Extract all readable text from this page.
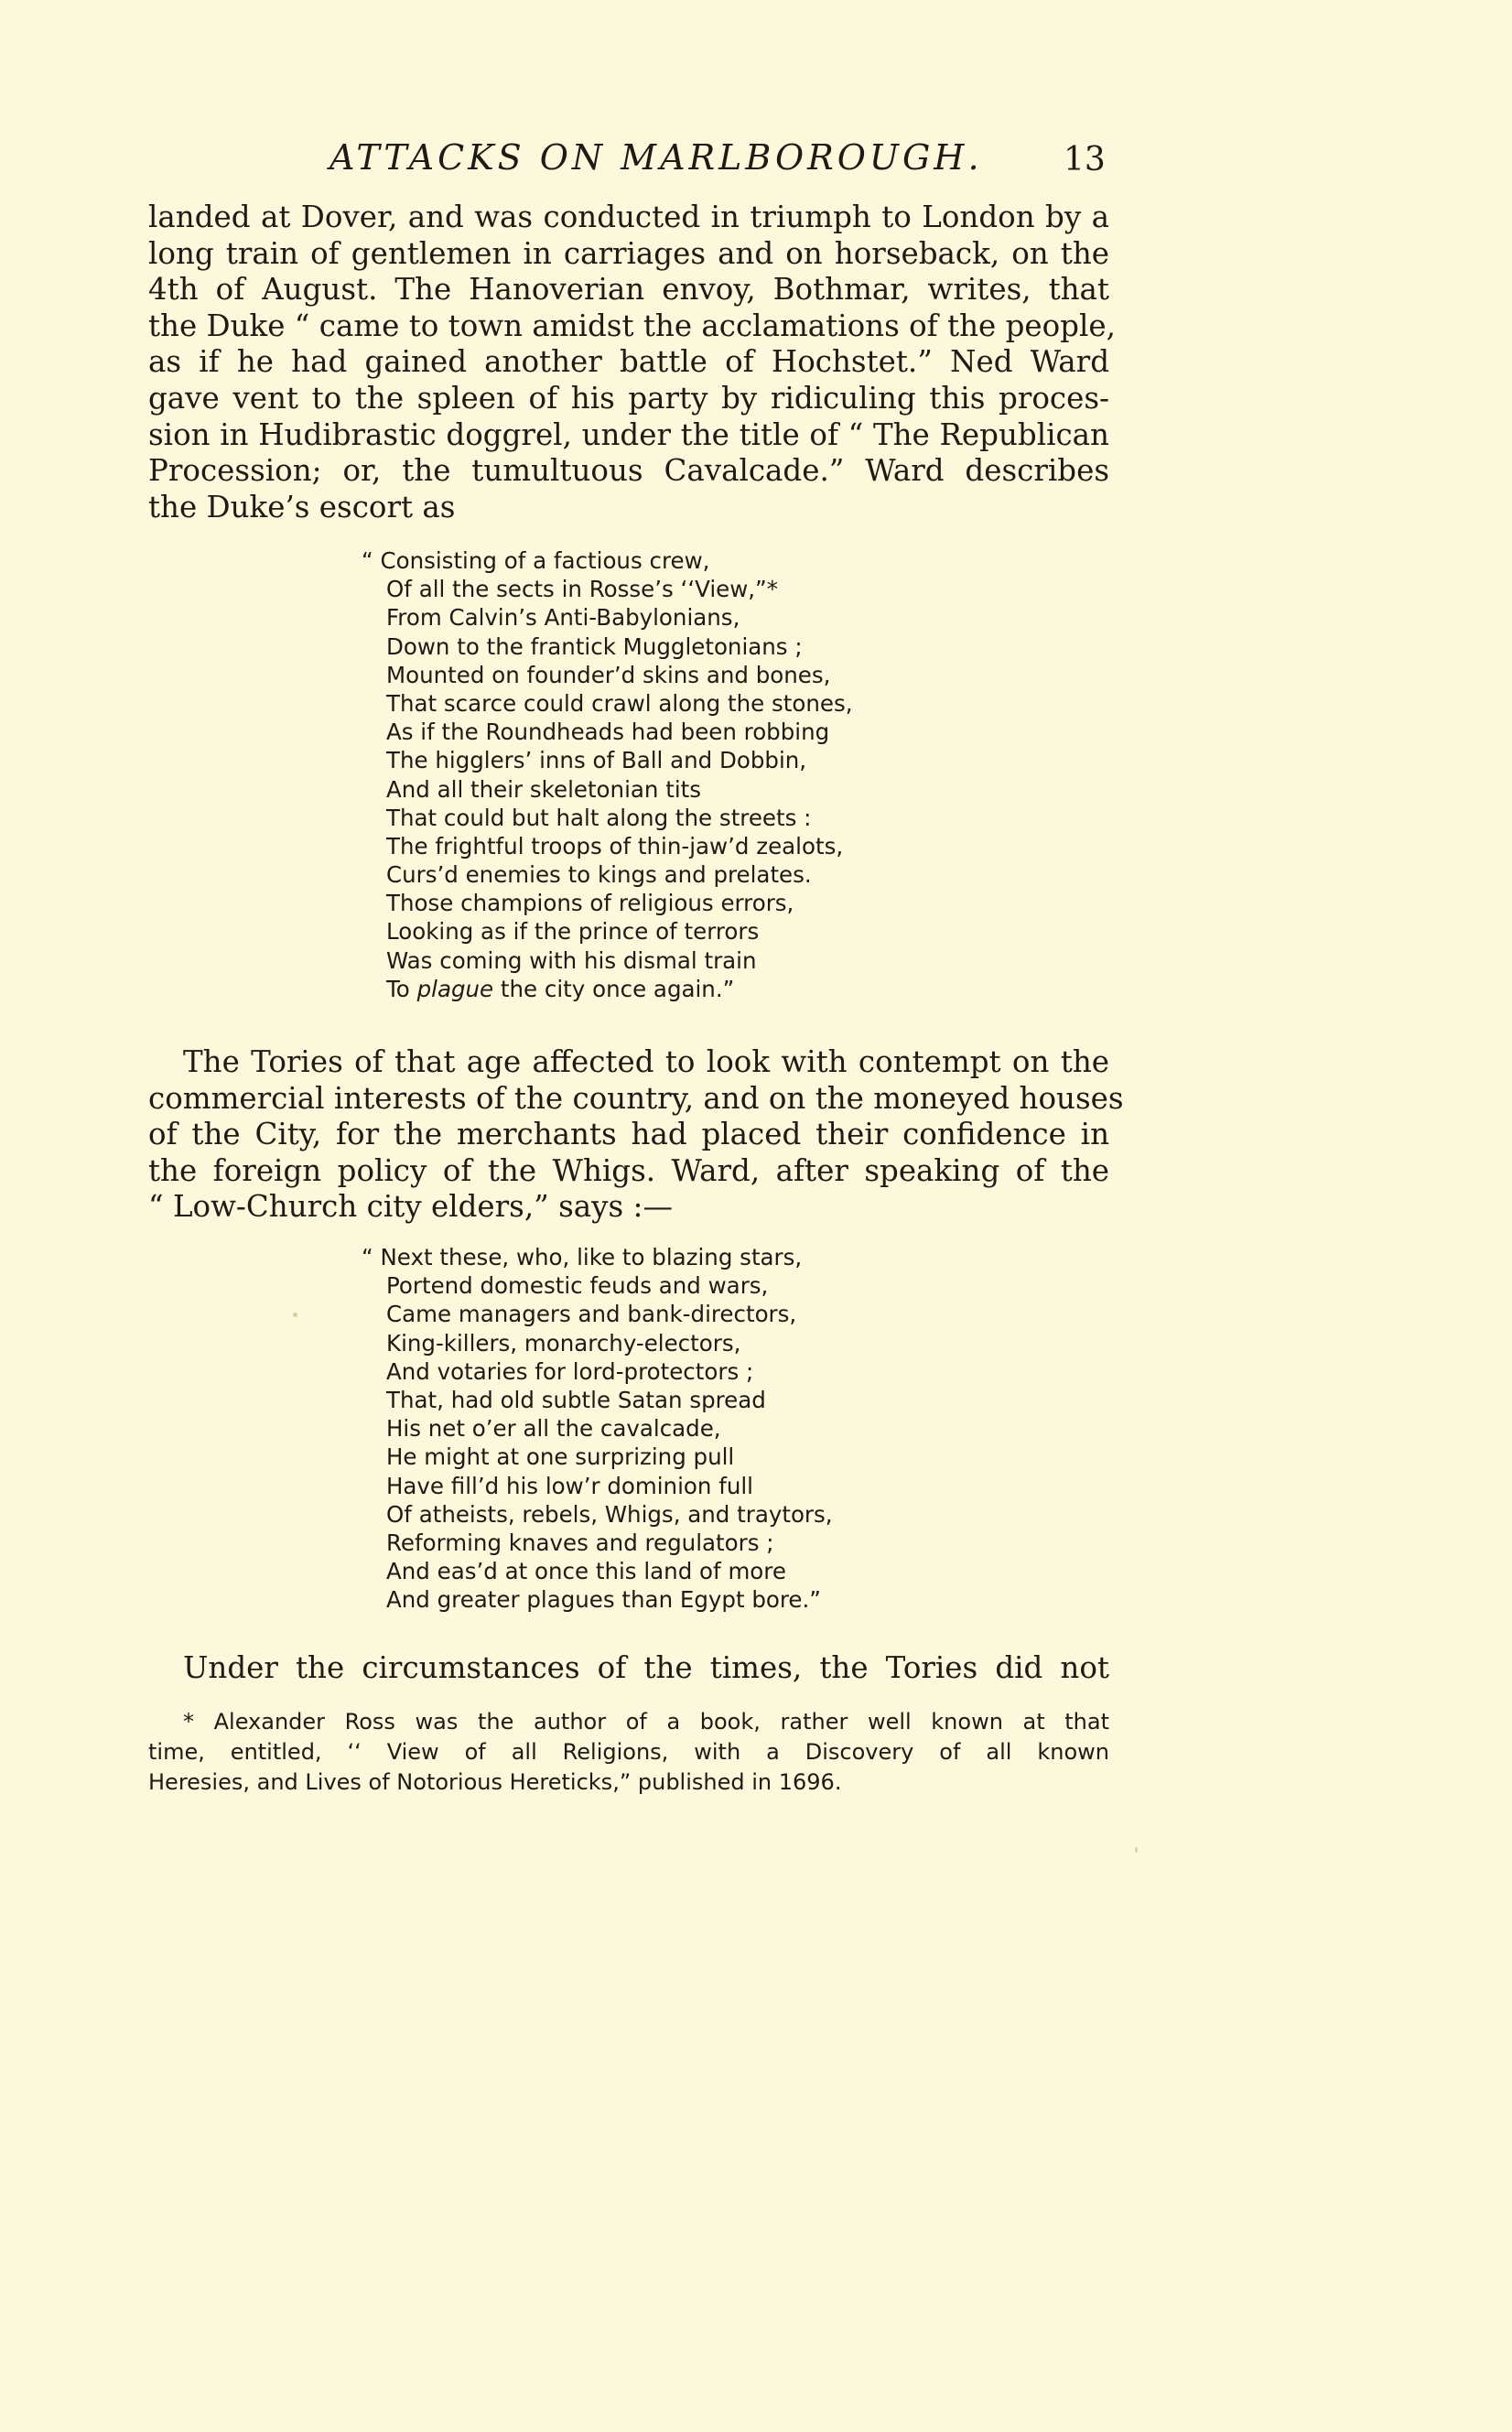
ATTACKS ON MARLBOROUGH. 13
landed at Dover, and was conducted in triumph to London by a
long train of gentlemen in carriages and on horseback, on the
4th of August. The Hanoverian envoy, Bothmar, writes, that
the Duke “ came to town amidst the acclamations of the people,
as if he had gained another battle of Hochstet.” Ned Ward
gave vent to the spleen of his party by ridiculing this proces-
sion in Hudibrastic doggrel, under the title of “ The Republican
Procession; or, the tumultuous Cavalcade.” Ward describes
the Duke’s escort as
“ Consisting of a factious crew,
Of all the sects in Rosse’s ‘‘View,”*
From Calvin’s Anti-Babylonians,
Down to the frantick Muggletonians ;
Mounted on founder’d skins and bones,
That scarce could crawl along the stones,
As if the Roundheads had been robbing
The higglers’ inns of Ball and Dobbin,
And all their skeletonian tits
That could but halt along the streets :
The frightful troops of thin-jaw’d zealots,
Curs’d enemies to kings and prelates.
Those champions of religious errors,
Looking as if the prince of terrors
Was coming with his dismal train
To plague the city once again.”
The Tories of that age affected to look with contempt on the
commercial interests of the country, and on the moneyed houses
of the City, for the merchants had placed their confidence in
the foreign policy of the Whigs. Ward, after speaking of the
“ Low-Church city elders,” says :—
“ Next these, who, like to blazing stars,
Portend domestic feuds and wars,
Came managers and bank-directors,
King-killers, monarchy-electors,
And votaries for lord-protectors ;
That, had old subtle Satan spread
His net o’er all the cavalcade,
He might at one surprizing pull
Have fill’d his low’r dominion full
Of atheists, rebels, Whigs, and traytors,
Reforming knaves and regulators ;
And eas’d at once this land of more
And greater plagues than Egypt bore.”
Under the circumstances of the times, the Tories did not
* Alexander Ross was the author of a book, rather well known at that
time, entitled, ‘‘ View of all Religions, with a Discovery of all known
Heresies, and Lives of Notorious Hereticks,” published in 1696.
